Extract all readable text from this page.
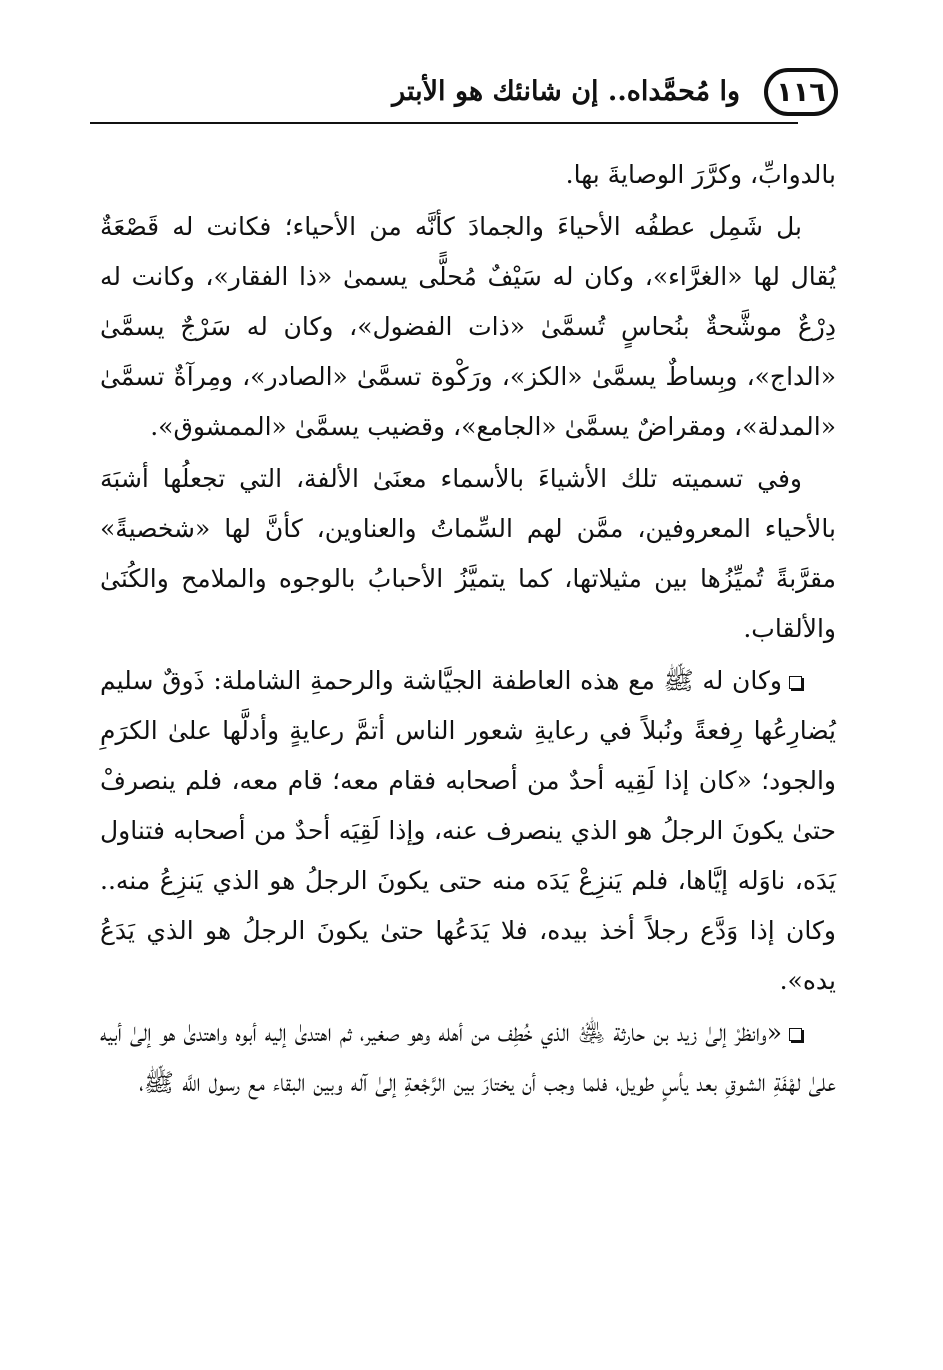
١١٦
وا مُحمَّداه.. إن شانئك هو الأبتر

بالدوابِّ، وكرَّرَ الوصايةَ بها.

بل شَمِل عطفُه الأحياءَ والجمادَ كأنَّه من الأحياء؛ فكانت له قَصْعَةٌ يُقال لها «الغرَّاء»، وكان له سَيْفٌ مُحلًّى يسمىٰ «ذا الفقار»، وكانت له دِرْعٌ موشَّحةٌ بنُحاسٍ تُسمَّىٰ «ذات الفضول»، وكان له سَرْجٌ يسمَّىٰ «الداج»، وبِساطٌ يسمَّىٰ «الكز»، ورَكْوة تسمَّىٰ «الصادر»، ومِرآةٌ تسمَّىٰ «المدلة»، ومقراضٌ يسمَّىٰ «الجامع»، وقضيب يسمَّىٰ «الممشوق».

وفي تسميته تلك الأشياءَ بالأسماء معنَىٰ الألفة، التي تجعلُها أشبَهَ بالأحياء المعروفين، ممَّن لهم السِّماتُ والعناوين، كأنَّ لها «شخصيةً» مقرَّبةً تُميِّزُها بين مثيلاتها، كما يتميَّزُ الأحبابُ بالوجوه والملامح والكُنَىٰ والألقاب.

وكان له ﷺ مع هذه العاطفة الجيَّاشة والرحمةِ الشاملة: ذَوقٌ سليم يُضارِعُها رِفعةً ونُبلاً في رعايةِ شعور الناس أتمَّ رعايةٍ وأدلَّها علىٰ الكرَمِ والجود؛ «كان إذا لَقِيه أحدٌ من أصحابه فقام معه؛ قام معه، فلم ينصرفْ حتىٰ يكونَ الرجلُ هو الذي ينصرف عنه، وإذا لَقِيَه أحدٌ من أصحابه فتناول يَدَه، ناوَله إيَّاها، فلم يَنزِعْ يَدَه منه حتى يكونَ الرجلُ هو الذي يَنزِعُ منه.. وكان إذا وَدَّع رجلاً أخذ بيده، فلا يَدَعُها حتىٰ يكونَ الرجلُ هو الذي يَدَعُ يده».

«وانظرْ إلىٰ زيد بن حارثة ﵁ الذي خُطِف من أهله وهو صغير، ثم اهتدىٰ إليه أبوه واهتدىٰ هو إلىٰ أبيه علىٰ لهْفَةِ الشوقِ بعد يأسٍ طويل، فلما وجب أن يختارَ بين الرَّجْعةِ إلىٰ آله وبين البقاء مع رسول اللَّه ﷺ،
